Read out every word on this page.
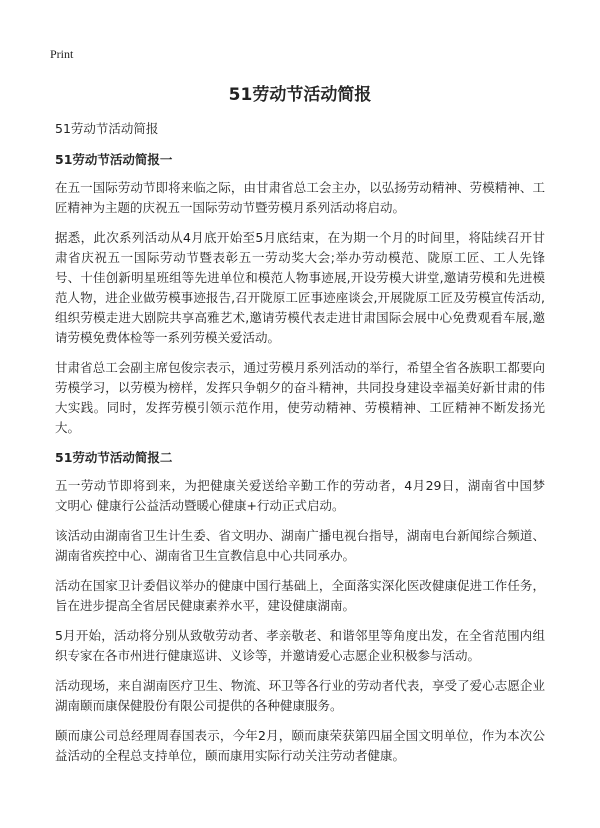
Print
51劳动节活动简报

51劳动节活动简报

51劳动节活动简报一

在五一国际劳动节即将来临之际，由甘肃省总工会主办，以弘扬劳动精神、劳模精神、工匠精神为主题的庆祝五一国际劳动节暨劳模月系列活动将启动。

据悉，此次系列活动从4月底开始至5月底结束，在为期一个月的时间里，将陆续召开甘肃省庆祝五一国际劳动节暨表彰五一劳动奖大会;举办劳动模范、陇原工匠、工人先锋号、十佳创新明星班组等先进单位和模范人物事迹展,开设劳模大讲堂,邀请劳模和先进模范人物，进企业做劳模事迹报告,召开陇原工匠事迹座谈会,开展陇原工匠及劳模宣传活动,组织劳模走进大剧院共享高雅艺术,邀请劳模代表走进甘肃国际会展中心免费观看车展,邀请劳模免费体检等一系列劳模关爱活动。

甘肃省总工会副主席包俊宗表示，通过劳模月系列活动的举行，希望全省各族职工都要向劳模学习，以劳模为榜样，发挥只争朝夕的奋斗精神，共同投身建设幸福美好新甘肃的伟大实践。同时，发挥劳模引领示范作用，使劳动精神、劳模精神、工匠精神不断发扬光大。

51劳动节活动简报二

五一劳动节即将到来，为把健康关爱送给辛勤工作的劳动者，4月29日，湖南省中国梦 文明心 健康行公益活动暨暖心健康+行动正式启动。

该活动由湖南省卫生计生委、省文明办、湖南广播电视台指导，湖南电台新闻综合频道、湖南省疾控中心、湖南省卫生宣教信息中心共同承办。

活动在国家卫计委倡议举办的健康中国行基础上，全面落实深化医改健康促进工作任务，旨在进步提高全省居民健康素养水平，建设健康湖南。

5月开始，活动将分别从致敬劳动者、孝亲敬老、和谐邻里等角度出发，在全省范围内组织专家在各市州进行健康巡讲、义诊等，并邀请爱心志愿企业积极参与活动。

活动现场，来自湖南医疗卫生、物流、环卫等各行业的劳动者代表，享受了爱心志愿企业湖南颐而康保健股份有限公司提供的各种健康服务。

颐而康公司总经理周春国表示，今年2月，颐而康荣获第四届全国文明单位，作为本次公益活动的全程总支持单位，颐而康用实际行动关注劳动者健康。
